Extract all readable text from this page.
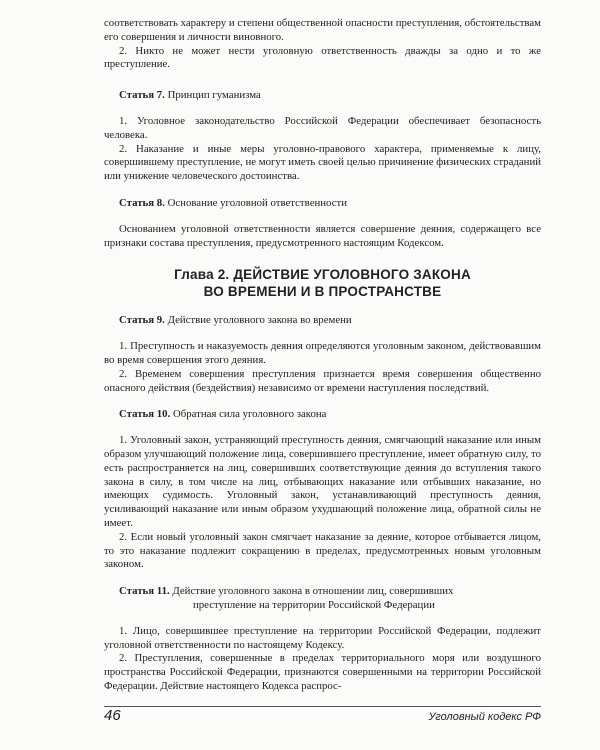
соответствовать характеру и степени общественной опасности преступления, обстоятельствам его совершения и личности виновного.

2. Никто не может нести уголовную ответственность дважды за одно и то же преступление.

Статья 7. Принцип гуманизма

1. Уголовное законодательство Российской Федерации обеспечивает безопасность человека.

2. Наказание и иные меры уголовно-правового характера, применяемые к лицу, совершившему преступление, не могут иметь своей целью причинение физических страданий или унижение человеческого достоинства.

Статья 8. Основание уголовной ответственности

Основанием уголовной ответственности является совершение деяния, содержащего все признаки состава преступления, предусмотренного настоящим Кодексом.

Глава 2. ДЕЙСТВИЕ УГОЛОВНОГО ЗАКОНА
ВО ВРЕМЕНИ И В ПРОСТРАНСТВЕ
Статья 9. Действие уголовного закона во времени

1. Преступность и наказуемость деяния определяются уголовным законом, действовавшим во время совершения этого деяния.

2. Временем совершения преступления признается время совершения общественно опасного действия (бездействия) независимо от времени наступления последствий.

Статья 10. Обратная сила уголовного закона

1. Уголовный закон, устраняющий преступность деяния, смягчающий наказание или иным образом улучшающий положение лица, совершившего преступление, имеет обратную силу, то есть распространяется на лиц, совершивших соответствующие деяния до вступления такого закона в силу, в том числе на лиц, отбывающих наказание или отбывших наказание, но имеющих судимость. Уголовный закон, устанавливающий преступность деяния, усиливающий наказание или иным образом ухудшающий положение лица, обратной силы не имеет.

2. Если новый уголовный закон смягчает наказание за деяние, которое отбывается лицом, то это наказание подлежит сокращению в пределах, предусмотренных новым уголовным законом.

Статья 11. Действие уголовного закона в отношении лиц, совершивших
преступление на территории Российской Федерации

1. Лицо, совершившее преступление на территории Российской Федерации, подлежит уголовной ответственности по настоящему Кодексу.

2. Преступления, совершенные в пределах территориального моря или воздушного пространства Российской Федерации, признаются совершенными на территории Российской Федерации. Действие настоящего Кодекса распрос-

46	Уголовный кодекс РФ
